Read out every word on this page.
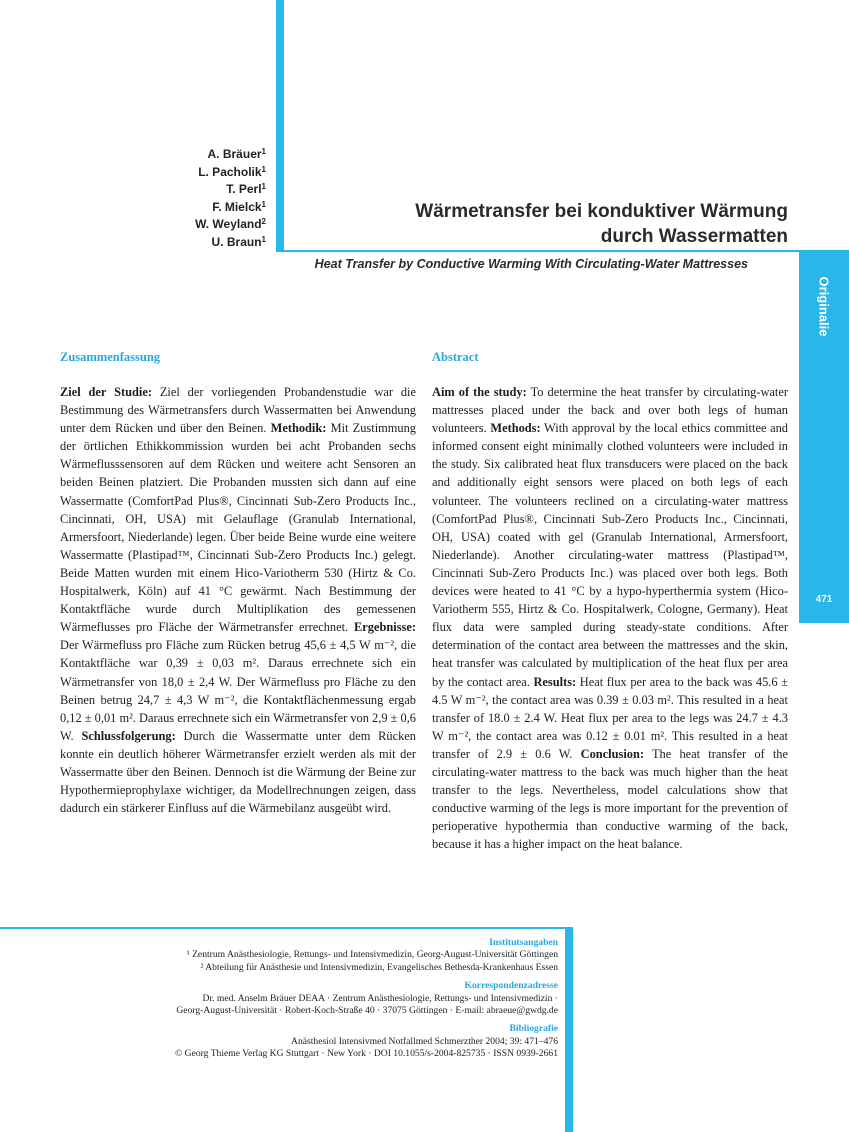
Originalie
471
A. Bräuer$^1$
L. Pacholik$^1$
T. Perl$^1$
F. Mielck$^1$
W. Weyland$^2$
U. Braun$^1$
Wärmetransfer bei konduktiver Wärmung
durch Wassermatten
Heat Transfer by Conductive Warming With Circulating-Water Mattresses
Zusammenfassung	Abstract

Ziel der Studie: Ziel der vorliegenden Probandenstudie war die Bestimmung des Wärmetransfers durch Wassermatten bei Anwendung unter dem Rücken und über den Beinen. Methodik: Mit Zustimmung der örtlichen Ethikkommission wurden bei acht Probanden sechs Wärmeflusssensoren auf dem Rücken und weitere acht Sensoren an beiden Beinen platziert. Die Probanden mussten sich dann auf eine Wassermatte (ComfortPad Plus®, Cincinnati Sub-Zero Products Inc., Cincinnati, OH, USA) mit Gelauflage (Granulab International, Armersfoort, Niederlande) legen. Über beide Beine wurde eine weitere Wassermatte (Plastipad™, Cincinnati Sub-Zero Products Inc.) gelegt. Beide Matten wurden mit einem Hico-Variotherm 530 (Hirtz & Co. Hospitalwerk, Köln) auf 41 °C gewärmt. Nach Bestimmung der Kontaktfläche wurde durch Multiplikation des gemessenen Wärmeflusses pro Fläche der Wärmetransfer errechnet. Ergebnisse: Der Wärmefluss pro Fläche zum Rücken betrug 45,6 ± 4,5 W m⁻², die Kontaktfläche war 0,39 ± 0,03 m². Daraus errechnete sich ein Wärmetransfer von 18,0 ± 2,4 W. Der Wärmefluss pro Fläche zu den Beinen betrug 24,7 ± 4,3 W m⁻², die Kontaktflächenmessung ergab 0,12 ± 0,01 m². Daraus errechnete sich ein Wärmetransfer von 2,9 ± 0,6 W. Schlussfolgerung: Durch die Wassermatte unter dem Rücken konnte ein deutlich höherer Wärmetransfer erzielt werden als mit der Wassermatte über den Beinen. Dennoch ist die Wärmung der Beine zur Hypothermieprophylaxe wichtiger, da Modellrechnungen zeigen, dass dadurch ein stärkerer Einfluss auf die Wärmebilanz ausgeübt wird.

Aim of the study: To determine the heat transfer by circulating-water mattresses placed under the back and over both legs of human volunteers. Methods: With approval by the local ethics committee and informed consent eight minimally clothed volunteers were included in the study. Six calibrated heat flux transducers were placed on the back and additionally eight sensors were placed on both legs of each volunteer. The volunteers reclined on a circulating-water mattress (ComfortPad Plus®, Cincinnati Sub-Zero Products Inc., Cincinnati, OH, USA) coated with gel (Granulab International, Armersfoort, Niederlande). Another circulating-water mattress (Plastipad™, Cincinnati Sub-Zero Products Inc.) was placed over both legs. Both devices were heated to 41 °C by a hypo-hyperthermia system (Hico-Variotherm 555, Hirtz & Co. Hospitalwerk, Cologne, Germany). Heat flux data were sampled during steady-state conditions. After determination of the contact area between the mattresses and the skin, heat transfer was calculated by multiplication of the heat flux per area by the contact area. Results: Heat flux per area to the back was 45.6 ± 4.5 W m⁻², the contact area was 0.39 ± 0.03 m². This resulted in a heat transfer of 18.0 ± 2.4 W. Heat flux per area to the legs was 24.7 ± 4.3 W m⁻², the contact area was 0.12 ± 0.01 m². This resulted in a heat transfer of 2.9 ± 0.6 W. Conclusion: The heat transfer of the circulating-water mattress to the back was much higher than the heat transfer to the legs. Nevertheless, model calculations show that conductive warming of the legs is more important for the prevention of perioperative hypothermia than conductive warming of the back, because it has a higher impact on the heat balance.

Institutsangaben
¹ Zentrum Anästhesiologie, Rettungs- und Intensivmedizin, Georg-August-Universität Göttingen
² Abteilung für Anästhesie und Intensivmedizin, Evangelisches Bethesda-Krankenhaus Essen
Korrespondenzadresse
Dr. med. Anselm Bräuer DEAA · Zentrum Anästhesiologie, Rettungs- und Intensivmedizin ·
Georg-August-Universität · Robert-Koch-Straße 40 · 37075 Göttingen · E-mail: abraeue@gwdg.de
Bibliografie
Anästhesiol Intensivmed Notfallmed Schmerzther 2004; 39: 471–476
© Georg Thieme Verlag KG Stuttgart · New York · DOI 10.1055/s-2004-825735 · ISSN 0939-2661
